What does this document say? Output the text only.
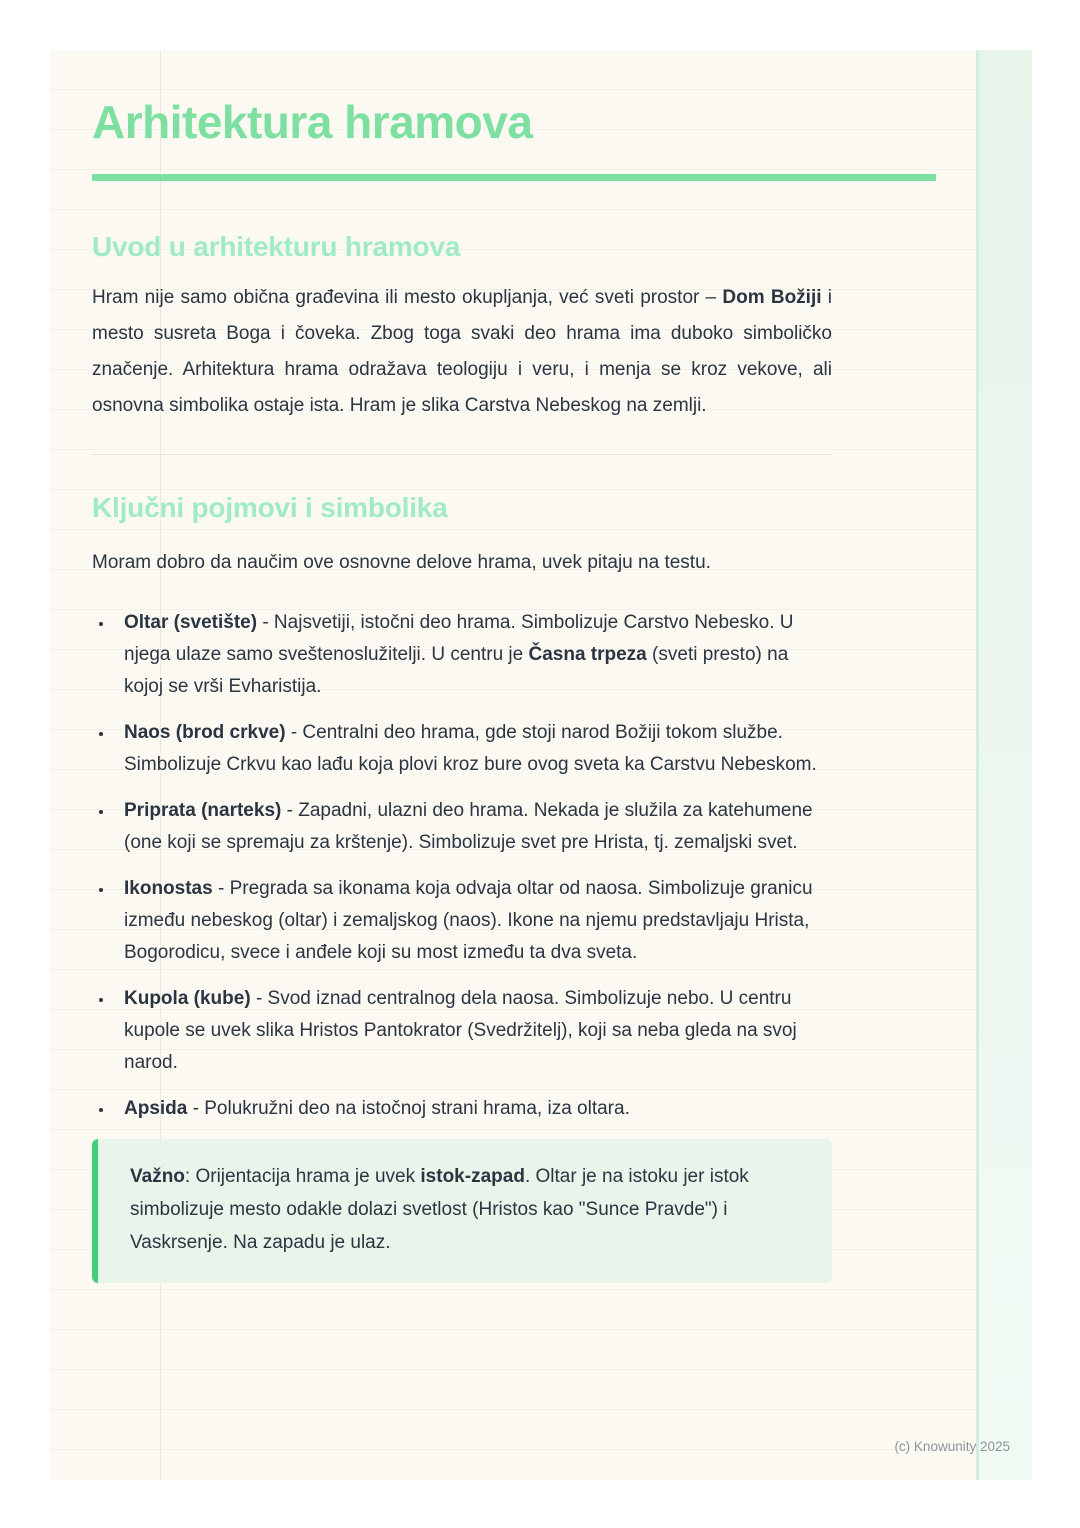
Arhitektura hramova
Uvod u arhitekturu hramova

Hram nije samo obična građevina ili mesto okupljanja, već sveti prostor – Dom Božiji i mesto susreta Boga i čoveka. Zbog toga svaki deo hrama ima duboko simboličko značenje. Arhitektura hrama odražava teologiju i veru, i menja se kroz vekove, ali osnovna simbolika ostaje ista. Hram je slika Carstva Nebeskog na zemlji.

Ključni pojmovi i simbolika

Moram dobro da naučim ove osnovne delove hrama, uvek pitaju na testu.

• Oltar (svetište) - Najsvetiji, istočni deo hrama. Simbolizuje Carstvo Nebesko. U njega ulaze samo sveštenoslužitelji. U centru je Časna trpeza (sveti presto) na kojoj se vrši Evharistija.
• Naos (brod crkve) - Centralni deo hrama, gde stoji narod Božiji tokom službe. Simbolizuje Crkvu kao lađu koja plovi kroz bure ovog sveta ka Carstvu Nebeskom.
• Priprata (narteks) - Zapadni, ulazni deo hrama. Nekada je služila za katehumene (one koji se spremaju za krštenje). Simbolizuje svet pre Hrista, tj. zemaljski svet.
• Ikonostas - Pregrada sa ikonama koja odvaja oltar od naosa. Simbolizuje granicu između nebeskog (oltar) i zemaljskog (naos). Ikone na njemu predstavljaju Hrista, Bogorodicu, svece i anđele koji su most između ta dva sveta.
• Kupola (kube) - Svod iznad centralnog dela naosa. Simbolizuje nebo. U centru kupole se uvek slika Hristos Pantokrator (Svedržitelj), koji sa neba gleda na svoj narod.
• Apsida - Polukružni deo na istočnoj strani hrama, iza oltara.

Važno: Orijentacija hrama je uvek istok-zapad. Oltar je na istoku jer istok simbolizuje mesto odakle dolazi svetlost (Hristos kao "Sunce Pravde") i Vaskrsenje. Na zapadu je ulaz.

(c) Knowunity 2025
